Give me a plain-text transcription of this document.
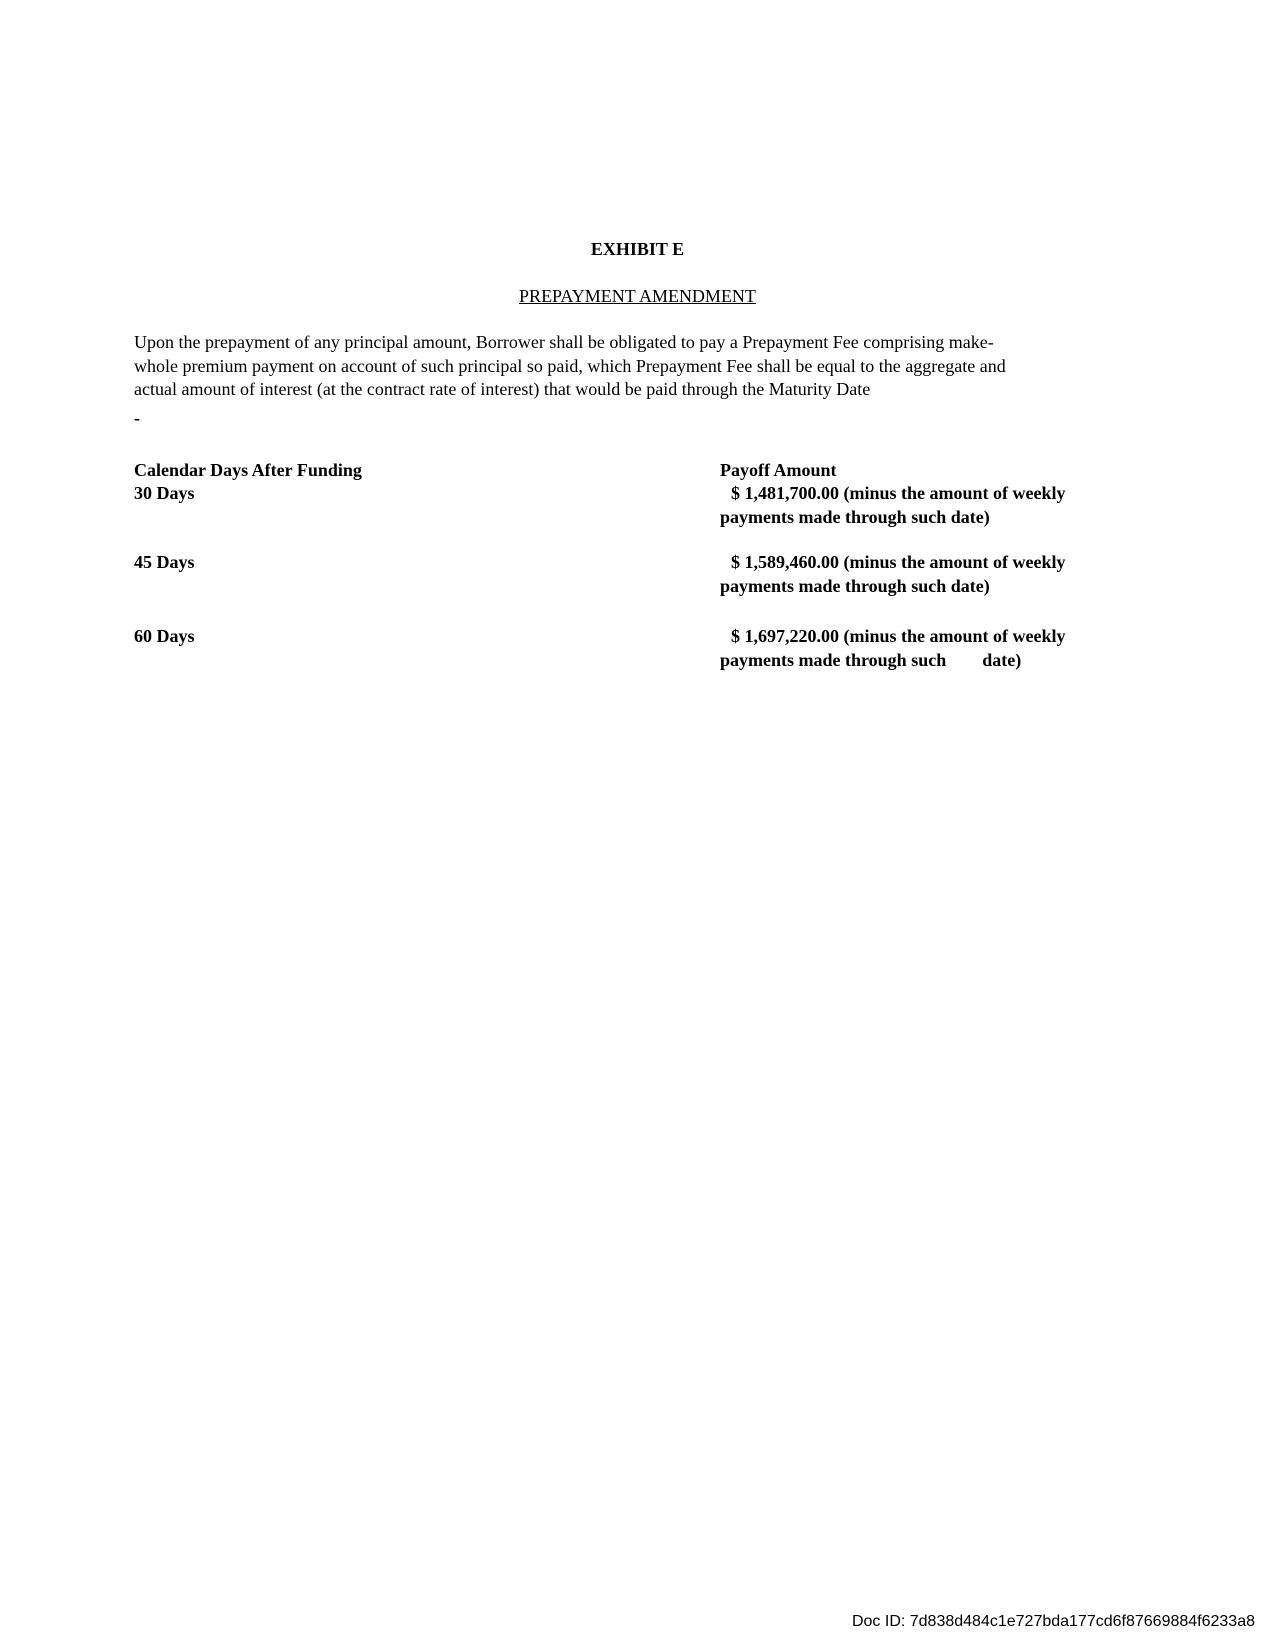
EXHIBIT E
PREPAYMENT AMENDMENT

Upon the prepayment of any principal amount, Borrower shall be obligated to pay a Prepayment Fee comprising make-
whole premium payment on account of such principal so paid, which Prepayment Fee shall be equal to the aggregate and
actual amount of interest (at the contract rate of interest) that would be paid through the Maturity Date

-
Calendar Days After Funding	Payoff Amount
30 Days	$ 1,481,700.00 (minus the amount of weekly
payments made through such date)
45 Days	$ 1,589,460.00 (minus the amount of weekly
payments made through such date)
60 Days	$ 1,697,220.00 (minus the amount of weekly
payments made through such        date)
Doc ID: 7d838d484c1e727bda177cd6f87669884f6233a8
